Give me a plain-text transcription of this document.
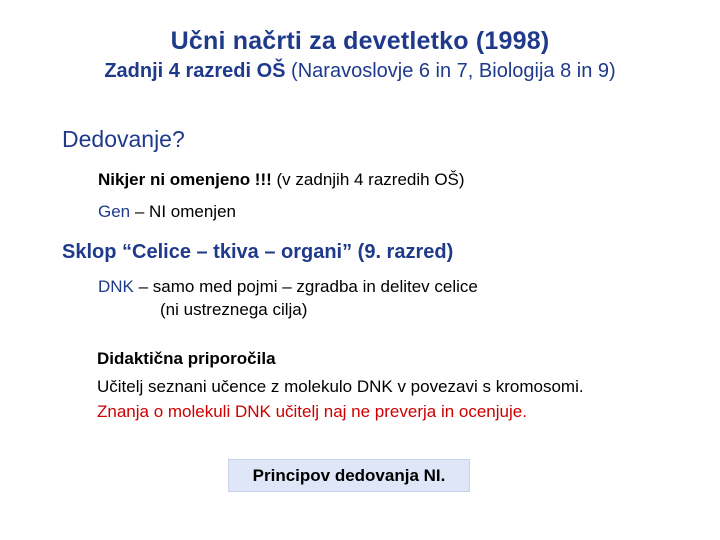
Učni načrti za devetletko (1998)
Zadnji 4 razredi OŠ (Naravoslovje 6 in 7, Biologija 8 in 9)
Dedovanje?
Nikjer ni omenjeno !!! (v zadnjih 4 razredih OŠ)
Gen – NI omenjen
Sklop “Celice – tkiva – organi” (9. razred)
DNK – samo med pojmi – zgradba in delitev celice
(ni ustreznega cilja)
Didaktična priporočila
Učitelj seznani učence z molekulo DNK v povezavi s kromosomi.
Znanja o molekuli DNK učitelj naj ne preverja in ocenjuje.
Principov dedovanja NI.
